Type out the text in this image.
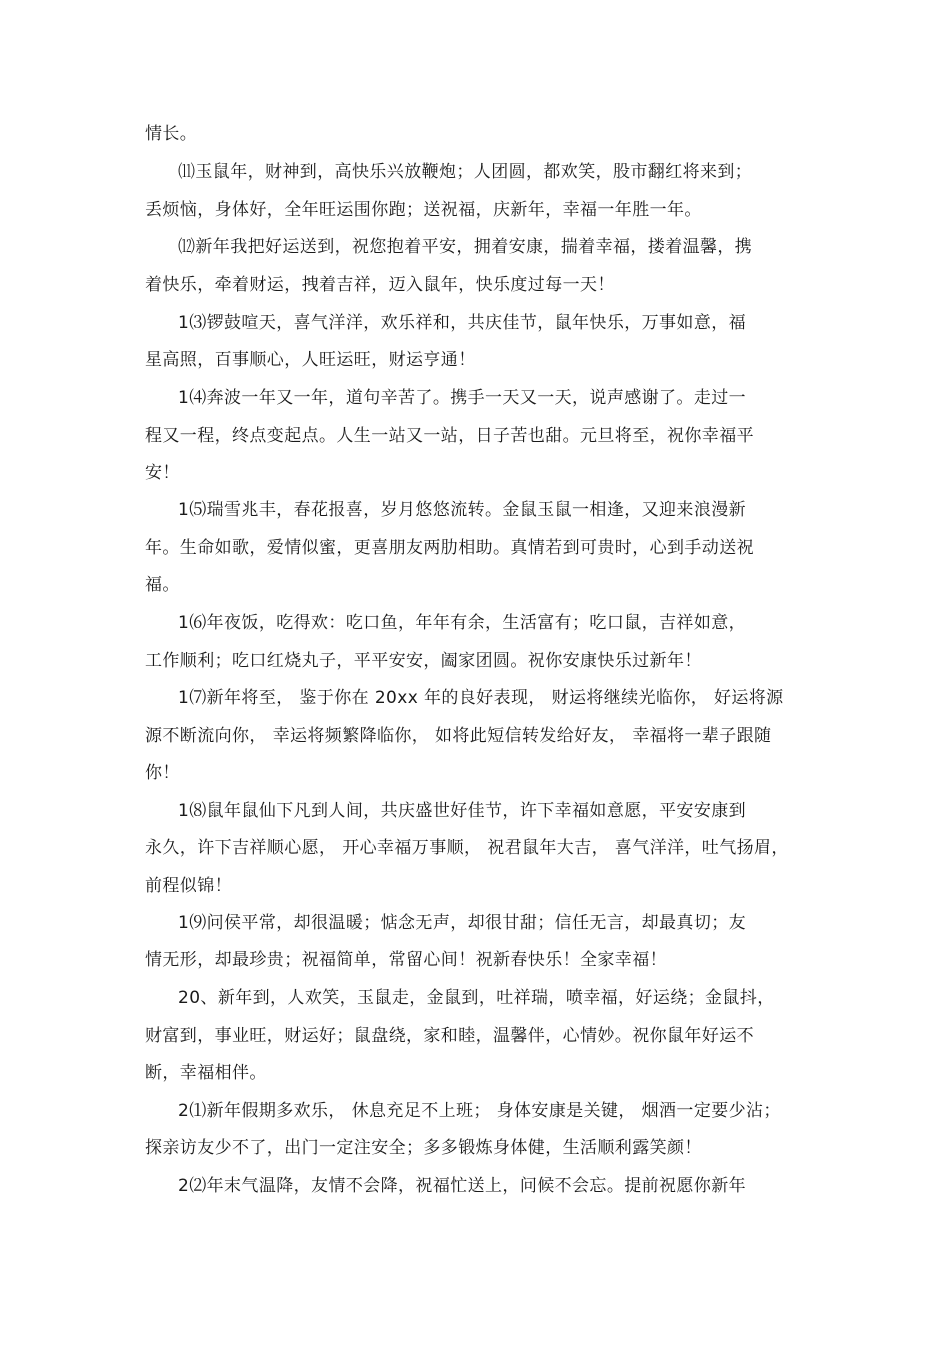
情长。
⑾玉鼠年，财神到，高快乐兴放鞭炮；人团圆，都欢笑，股市翻红将来到；
丢烦恼，身体好，全年旺运围你跑；送祝福，庆新年，幸福一年胜一年。
⑿新年我把好运送到，祝您抱着平安，拥着安康，揣着幸福，搂着温馨，携
着快乐，牵着财运，拽着吉祥，迈入鼠年，快乐度过每一天！
1⑶锣鼓喧天，喜气洋洋，欢乐祥和，共庆佳节，鼠年快乐，万事如意，福
星高照，百事顺心，人旺运旺，财运亨通！
1⑷奔波一年又一年，道句辛苦了。携手一天又一天，说声感谢了。走过一
程又一程，终点变起点。人生一站又一站，日子苦也甜。元旦将至，祝你幸福平
安！
1⑸瑞雪兆丰，春花报喜，岁月悠悠流转。金鼠玉鼠一相逢，又迎来浪漫新
年。生命如歌，爱情似蜜，更喜朋友两肋相助。真情若到可贵时，心到手动送祝
福。
1⑹年夜饭，吃得欢：吃口鱼，年年有余，生活富有；吃口鼠，吉祥如意，
工作顺利；吃口红烧丸子，平平安安，阖家团圆。祝你安康快乐过新年！
1⑺新年将至， 鉴于你在 20xx 年的良好表现， 财运将继续光临你， 好运将源
源不断流向你， 幸运将频繁降临你， 如将此短信转发给好友， 幸福将一辈子跟随
你！
1⑻鼠年鼠仙下凡到人间，共庆盛世好佳节，许下幸福如意愿，平安安康到
永久，许下吉祥顺心愿， 开心幸福万事顺， 祝君鼠年大吉， 喜气洋洋，吐气扬眉，
前程似锦！
1⑼问侯平常，却很温暖；惦念无声，却很甘甜；信任无言，却最真切；友
情无形，却最珍贵；祝福简单，常留心间！祝新春快乐！全家幸福！
20、新年到，人欢笑，玉鼠走，金鼠到，吐祥瑞，喷幸福，好运绕；金鼠抖，
财富到，事业旺，财运好；鼠盘绕，家和睦，温馨伴，心情妙。祝你鼠年好运不
断，幸福相伴。
2⑴新年假期多欢乐， 休息充足不上班； 身体安康是关键， 烟酒一定要少沾；
探亲访友少不了，出门一定注安全；多多锻炼身体健，生活顺利露笑颜！
2⑵年末气温降，友情不会降，祝福忙送上，问候不会忘。提前祝愿你新年
